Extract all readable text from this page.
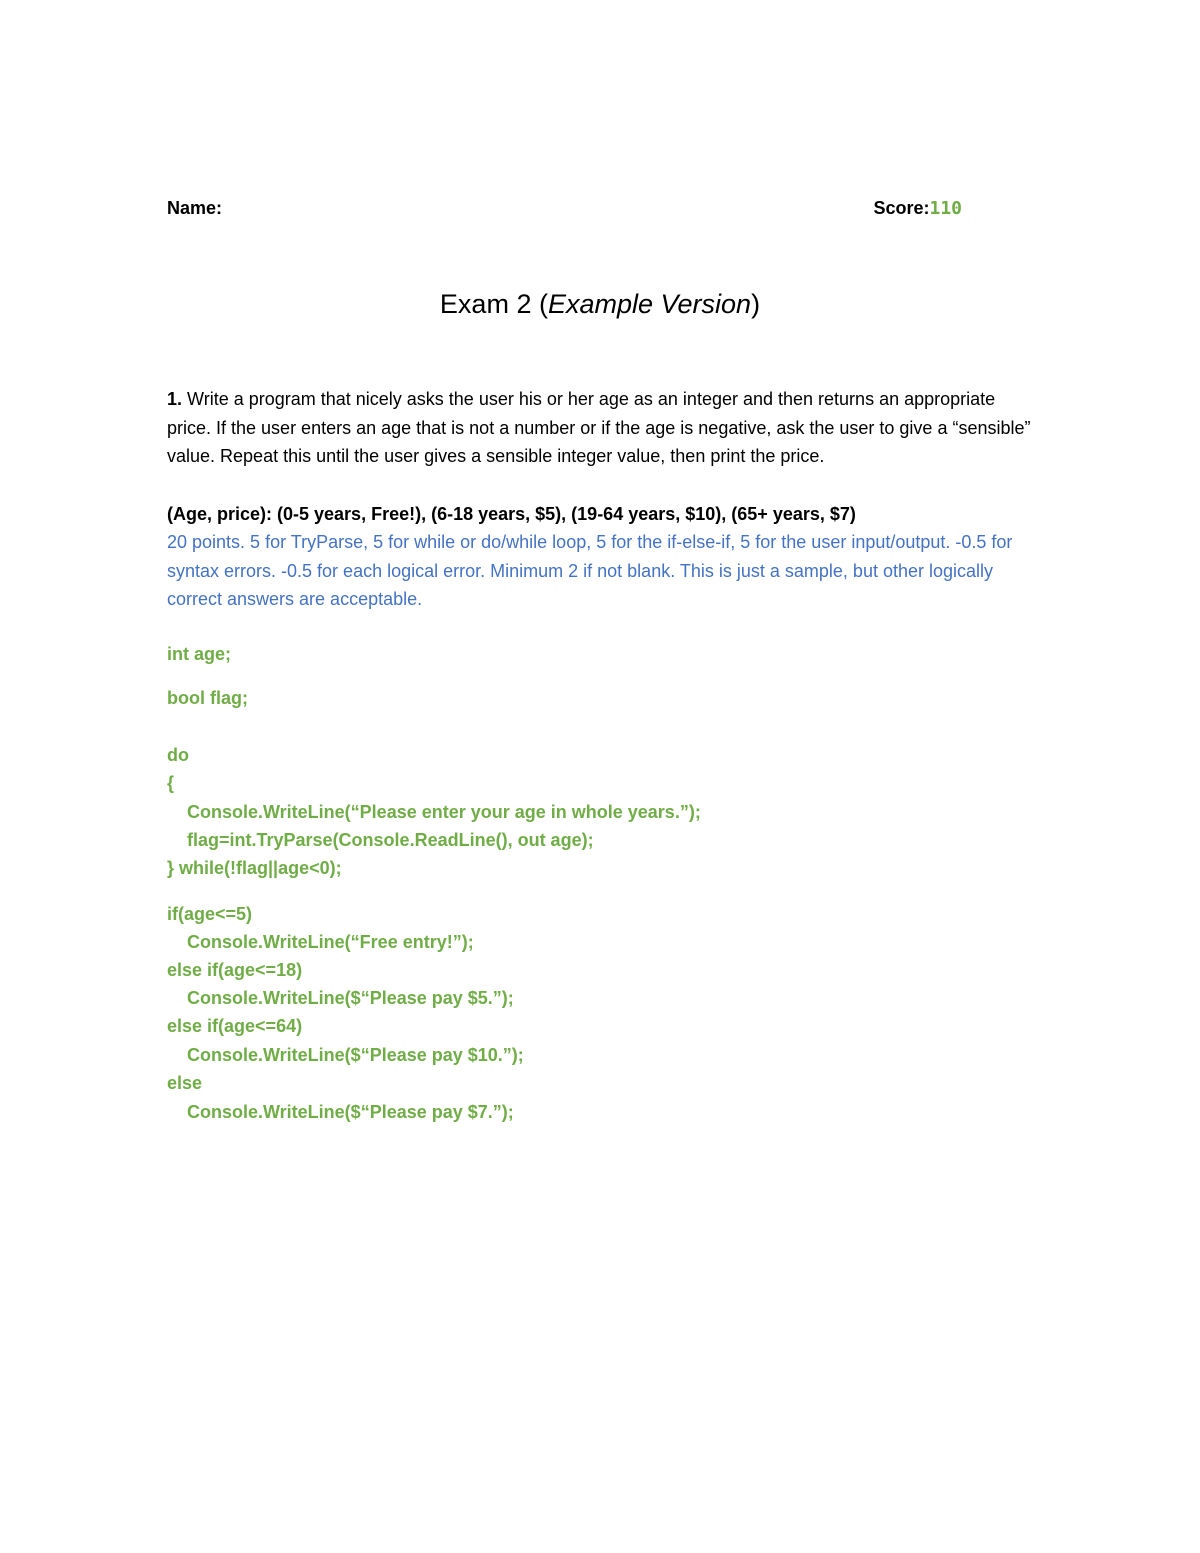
Name:	Score:110
Exam 2 (Example Version)
1. Write a program that nicely asks the user his or her age as an integer and then returns an appropriate price. If the user enters an age that is not a number or if the age is negative, ask the user to give a “sensible” value. Repeat this until the user gives a sensible integer value, then print the price.
(Age, price): (0-5 years, Free!), (6-18 years, $5), (19-64 years, $10), (65+ years, $7)
20 points. 5 for TryParse, 5 for while or do/while loop, 5 for the if-else-if, 5 for the user input/output. -0.5 for syntax errors. -0.5 for each logical error. Minimum 2 if not blank. This is just a sample, but other logically correct answers are acceptable.
int age;
bool flag;
do
{
Console.WriteLine(“Please enter your age in whole years.”);
flag=int.TryParse(Console.ReadLine(), out age);
} while(!flag||age<0);
if(age<=5)
Console.WriteLine(“Free entry!”);
else if(age<=18)
Console.WriteLine($“Please pay $5.”);
else if(age<=64)
Console.WriteLine($“Please pay $10.”);
else
Console.WriteLine($“Please pay $7.”);
